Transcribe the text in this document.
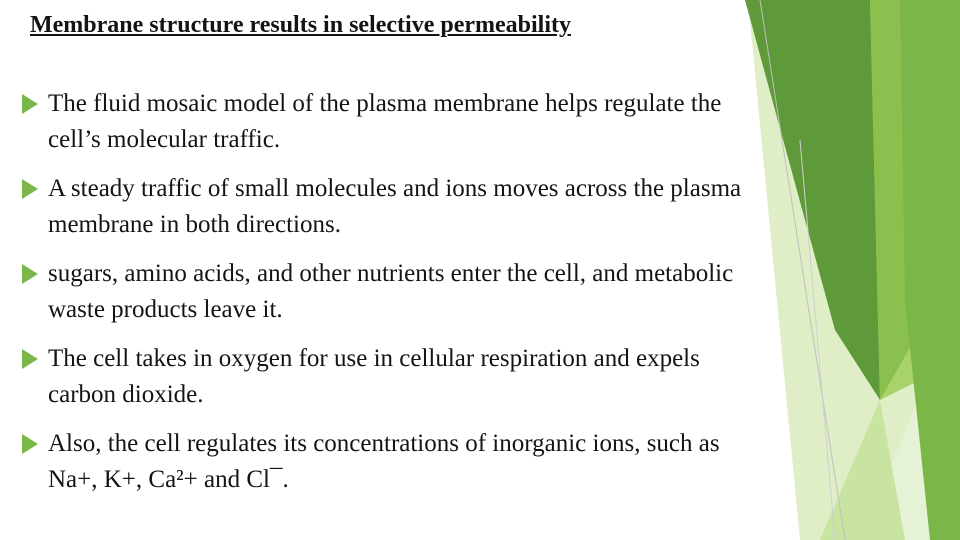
Membrane structure results in selective permeability
The fluid mosaic model of the plasma membrane helps regulate the cell’s molecular traffic.
A steady traffic of small molecules and ions moves across the plasma membrane in both directions.
sugars, amino acids, and other nutrients enter the cell, and metabolic waste products leave it.
The cell takes in oxygen for use in cellular respiration and expels carbon dioxide.
Also, the cell regulates its concentrations of inorganic ions, such as Na+, K+, Ca²+ and Cl¯.
